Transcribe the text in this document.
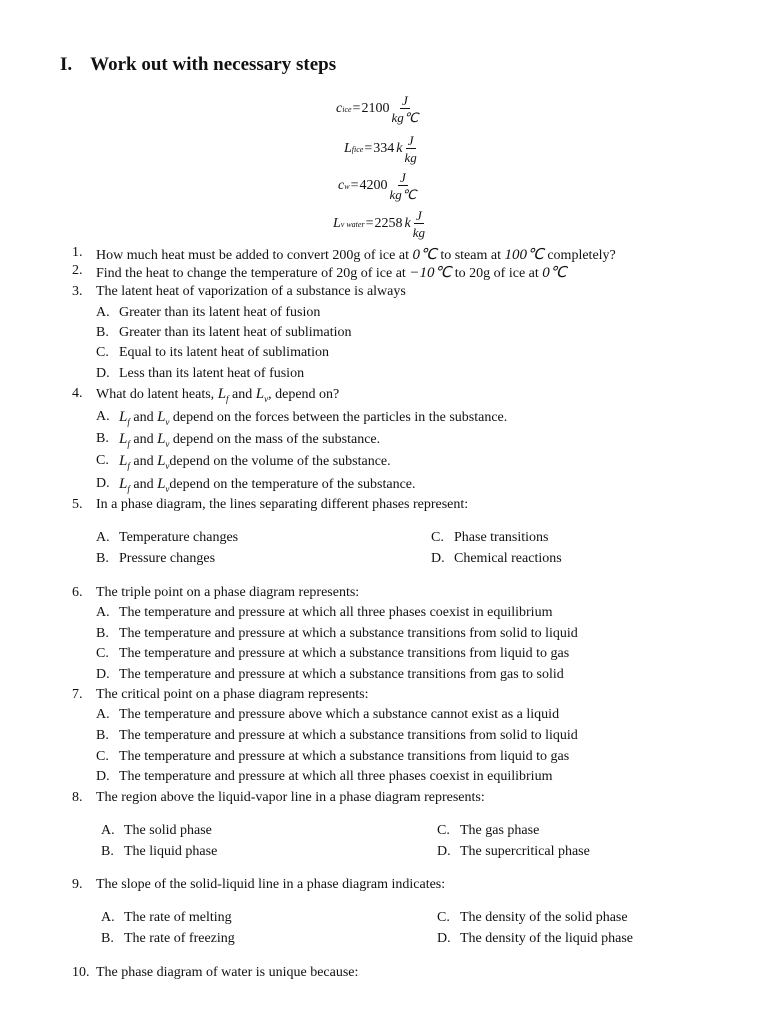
I. Work out with necessary steps
c ice = $2100 \frac{J}{kg℃}$
L fice = 334 k $\frac{J}{kg}$
c $w = 4200 \frac{J}{kg℃}$
L v water = 2258 k $\frac{J}{kg}$
1. How much heat must be added to convert 200g of ice at 0℃ to steam at 100℃ completely?
2. Find the heat to change the temperature of 20g of ice at −10℃ to 20g of ice at 0℃
3. The latent heat of vaporization of a substance is always
A. Greater than its latent heat of fusion
B. Greater than its latent heat of sublimation
C. Equal to its latent heat of sublimation
D. Less than its latent heat of fusion
4. What do latent heats, $L_f$ and $L_v$, depend on?
A. $L_f$ and $L_v$ depend on the forces between the particles in the substance.
B. $L_f$ and $L_v$ depend on the mass of the substance.
C. $L_f$ and $L_vdepend$ on the volume of the substance.
D. $L_f$ and $L_vdepend$ on the temperature of the substance.
5. In a phase diagram, the lines separating different phases represent:
A. Temperature changes
B. Pressure changes
C. Phase transitions
D. Chemical reactions
6. The triple point on a phase diagram represents:
A. The temperature and pressure at which all three phases coexist in equilibrium
B. The temperature and pressure at which a substance transitions from solid to liquid
C. The temperature and pressure at which a substance transitions from liquid to gas
D. The temperature and pressure at which a substance transitions from gas to solid
7. The critical point on a phase diagram represents:
A. The temperature and pressure above which a substance cannot exist as a liquid
B. The temperature and pressure at which a substance transitions from solid to liquid
C. The temperature and pressure at which a substance transitions from liquid to gas
D. The temperature and pressure at which all three phases coexist in equilibrium
8. The region above the liquid-vapor line in a phase diagram represents:
A. The solid phase
B. The liquid phase
C. The gas phase
D. The supercritical phase
9. The slope of the solid-liquid line in a phase diagram indicates:
A. The rate of melting
B. The rate of freezing
C. The density of the solid phase
D. The density of the liquid phase
10. The phase diagram of water is unique because:
